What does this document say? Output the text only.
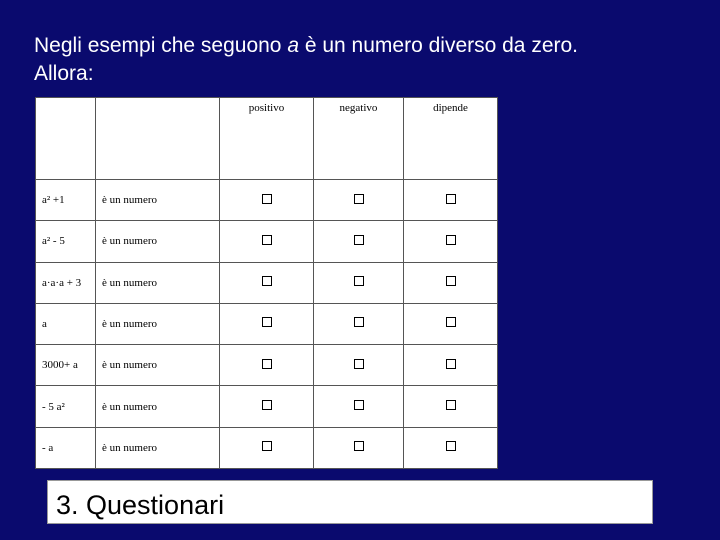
Negli esempi che seguono a è un numero diverso da zero.
Allora:
		positivo	negativo	dipende
a² +1	è un numero			
a² - 5	è un numero			
a·a·a + 3	è un numero			
a	è un numero			
3000+ a	è un numero			
- 5 a²	è un numero			
- a	è un numero			
3. Questionari
